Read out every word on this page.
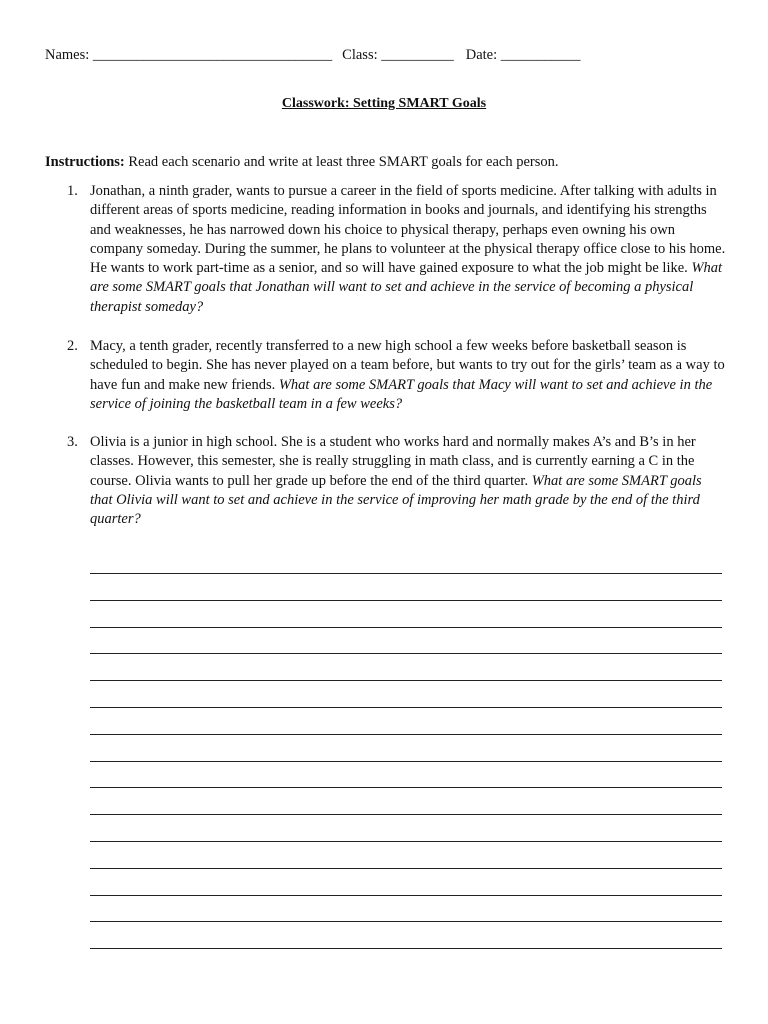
Names: _________________________________ Class: __________ Date: ___________
Classwork: Setting SMART Goals
Instructions: Read each scenario and write at least three SMART goals for each person.
1. Jonathan, a ninth grader, wants to pursue a career in the field of sports medicine. After talking with adults in different areas of sports medicine, reading information in books and journals, and identifying his strengths and weaknesses, he has narrowed down his choice to physical therapy, perhaps even owning his own company someday. During the summer, he plans to volunteer at the physical therapy office close to his home. He wants to work part-time as a senior, and so will have gained exposure to what the job might be like. What are some SMART goals that Jonathan will want to set and achieve in the service of becoming a physical therapist someday?
2. Macy, a tenth grader, recently transferred to a new high school a few weeks before basketball season is scheduled to begin. She has never played on a team before, but wants to try out for the girls’ team as a way to have fun and make new friends. What are some SMART goals that Macy will want to set and achieve in the service of joining the basketball team in a few weeks?
3. Olivia is a junior in high school. She is a student who works hard and normally makes A’s and B’s in her classes. However, this semester, she is really struggling in math class, and is currently earning a C in the course. Olivia wants to pull her grade up before the end of the third quarter. What are some SMART goals that Olivia will want to set and achieve in the service of improving her math grade by the end of the third quarter?
